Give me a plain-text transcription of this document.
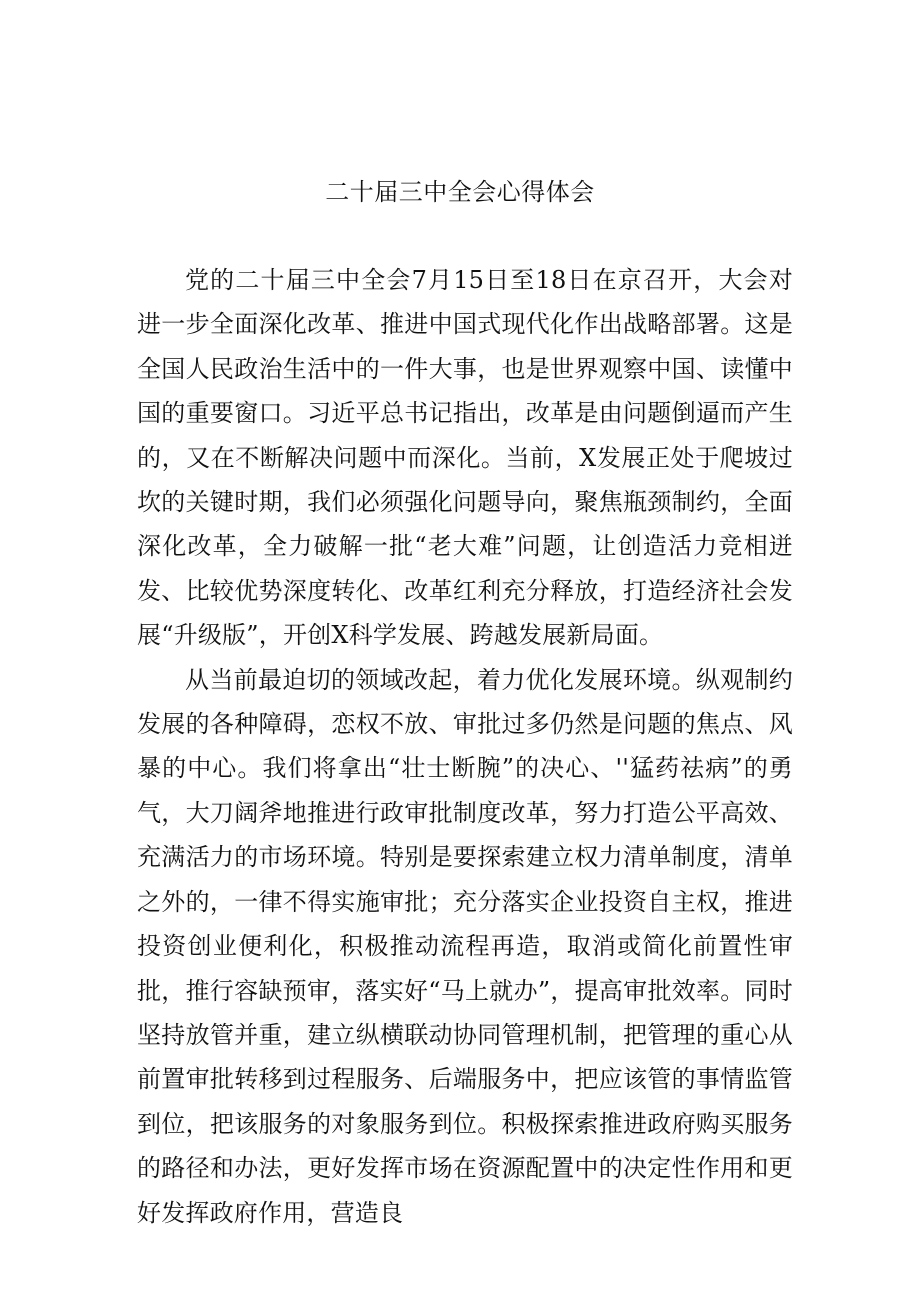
二十届三中全会心得体会

党的二十届三中全会7月15日至18日在京召开，大会对进一步全面深化改革、推进中国式现代化作出战略部署。这是全国人民政治生活中的一件大事，也是世界观察中国、读懂中国的重要窗口。习近平总书记指出，改革是由问题倒逼而产生的，又在不断解决问题中而深化。当前，X发展正处于爬坡过坎的关键时期，我们必须强化问题导向，聚焦瓶颈制约，全面深化改革，全力破解一批“老大难”问题，让创造活力竞相迸发、比较优势深度转化、改革红利充分释放，打造经济社会发展“升级版”，开创X科学发展、跨越发展新局面。

从当前最迫切的领域改起，着力优化发展环境。纵观制约发展的各种障碍，恋权不放、审批过多仍然是问题的焦点、风暴的中心。我们将拿出“壮士断腕”的决心、''猛药祛病”的勇气，大刀阔斧地推进行政审批制度改革，努力打造公平高效、充满活力的市场环境。特别是要探索建立权力清单制度，清单之外的，一律不得实施审批；充分落实企业投资自主权，推进投资创业便利化，积极推动流程再造，取消或简化前置性审批，推行容缺预审，落实好“马上就办”，提高审批效率。同时坚持放管并重，建立纵横联动协同管理机制，把管理的重心从前置审批转移到过程服务、后端服务中，把应该管的事情监管到位，把该服务的对象服务到位。积极探索推进政府购买服务的路径和办法，更好发挥市场在资源配置中的决定性作用和更好发挥政府作用，营造良
